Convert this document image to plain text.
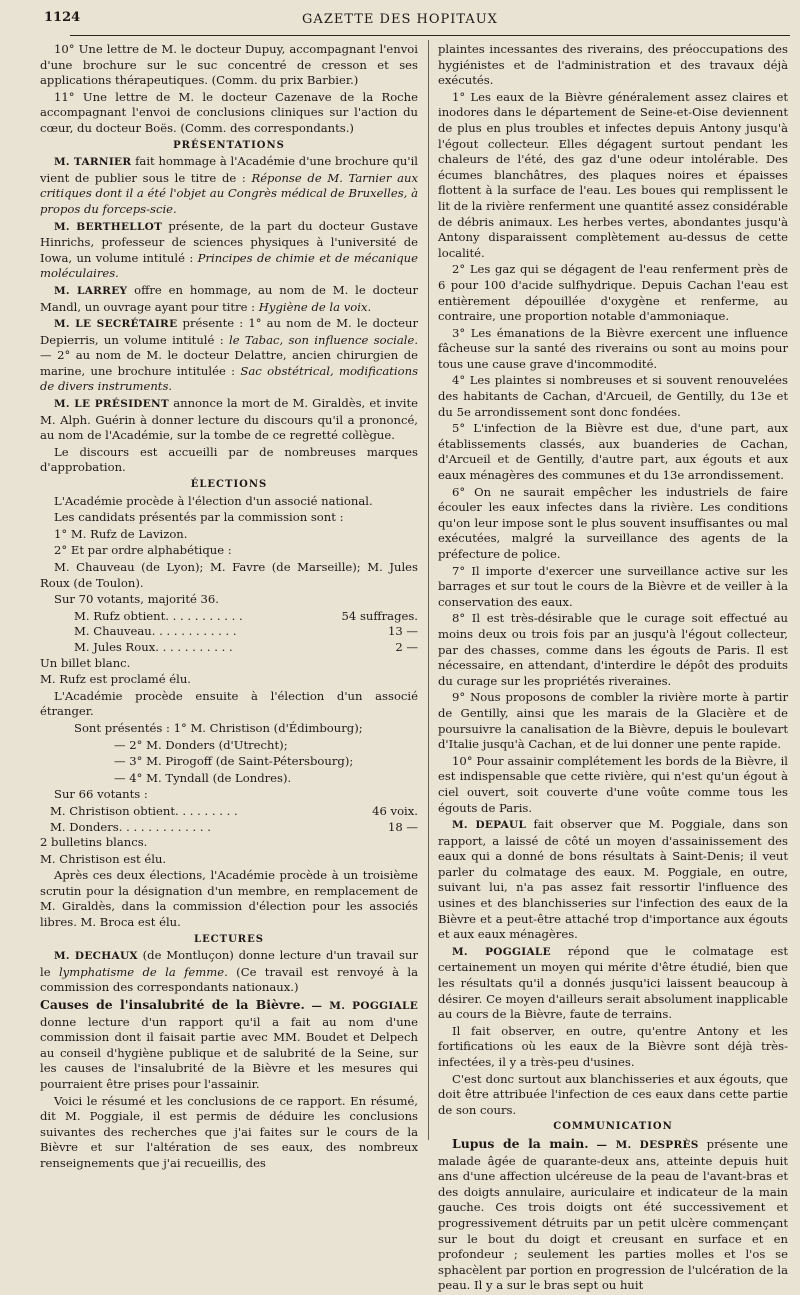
1124	GAZETTE DES HOPITAUX

10° Une lettre de M. le docteur Dupuy, accompagnant l'envoi d'une brochure sur le suc concentré de cresson et ses applications thérapeutiques. (Comm. du prix Barbier.)

11° Une lettre de M. le docteur Cazenave de la Roche accompagnant l'envoi de conclusions cliniques sur l'action du cœur, du docteur Boës. (Comm. des correspondants.)

PRÉSENTATIONS

M. TARNIER fait hommage à l'Académie d'une brochure qu'il vient de publier sous le titre de : Réponse de M. Tarnier aux critiques dont il a été l'objet au Congrès médical de Bruxelles, à propos du forceps-scie.

M. BERTHELLOT présente, de la part du docteur Gustave Hinrichs, professeur de sciences physiques à l'université de Iowa, un volume intitulé : Principes de chimie et de mécanique moléculaires.

M. LARREY offre en hommage, au nom de M. le docteur Mandl, un ouvrage ayant pour titre : Hygiène de la voix.

M. LE SECRÉTAIRE présente : 1° au nom de M. le docteur Depierris, un volume intitulé : le Tabac, son influence sociale. — 2° au nom de M. le docteur Delattre, ancien chirurgien de marine, une brochure intitulée : Sac obstétrical, modifications de divers instruments.

M. LE PRÉSIDENT annonce la mort de M. Giraldès, et invite M. Alph. Guérin à donner lecture du discours qu'il a prononcé, au nom de l'Académie, sur la tombe de ce regretté collègue.

Le discours est accueilli par de nombreuses marques d'approbation.

ÉLECTIONS

L'Académie procède à l'élection d'un associé national.

Les candidats présentés par la commission sont :

1° M. Rufz de Lavizon.

2° Et par ordre alphabétique :

M. Chauveau (de Lyon); M. Favre (de Marseille); M. Jules Roux (de Toulon).

Sur 70 votants, majorité 36.

M. Rufz obtient. . . . . . . . . . .	54 suffrages.
M. Chauveau. . . . . . . . . . . .	13 —
M. Jules Roux. . . . . . . . . . .	2 —

Un billet blanc.

M. Rufz est proclamé élu.

L'Académie procède ensuite à l'élection d'un associé étranger.

Sont présentés : 1° M. Christison (d'Édimbourg);

— 2° M. Donders (d'Utrecht);

— 3° M. Pirogoff (de Saint-Pétersbourg);

— 4° M. Tyndall (de Londres).

Sur 66 votants :

M. Christison obtient. . . . . . . . .	46 voix.
M. Donders. . . . . . . . . . . . .	18 —

2 bulletins blancs.

M. Christison est élu.

Après ces deux élections, l'Académie procède à un troisième scrutin pour la désignation d'un membre, en remplacement de M. Giraldès, dans la commission d'élection pour les associés libres. M. Broca est élu.

LECTURES

M. DECHAUX (de Montluçon) donne lecture d'un travail sur le lymphatisme de la femme. (Ce travail est renvoyé à la commission des correspondants nationaux.)

Causes de l'insalubrité de la Bièvre. — M. POGGIALE donne lecture d'un rapport qu'il a fait au nom d'une commission dont il faisait partie avec MM. Boudet et Delpech au conseil d'hygiène publique et de salubrité de la Seine, sur les causes de l'insalubrité de la Bièvre et les mesures qui pourraient être prises pour l'assainir.

Voici le résumé et les conclusions de ce rapport. En résumé, dit M. Poggiale, il est permis de déduire les conclusions suivantes des recherches que j'ai faites sur le cours de la Bièvre et sur l'altération de ses eaux, des nombreux renseignements que j'ai recueillis, des

plaintes incessantes des riverains, des préoccupations des hygiénistes et de l'administration et des travaux déjà exécutés.

1° Les eaux de la Bièvre généralement assez claires et inodores dans le département de Seine-et-Oise deviennent de plus en plus troubles et infectes depuis Antony jusqu'à l'égout collecteur. Elles dégagent surtout pendant les chaleurs de l'été, des gaz d'une odeur intolérable. Des écumes blanchâtres, des plaques noires et épaisses flottent à la surface de l'eau. Les boues qui remplissent le lit de la rivière renferment une quantité assez considérable de débris animaux. Les herbes vertes, abondantes jusqu'à Antony disparaissent complètement au-dessus de cette localité.

2° Les gaz qui se dégagent de l'eau renferment près de 6 pour 100 d'acide sulfhydrique. Depuis Cachan l'eau est entièrement dépouillée d'oxygène et renferme, au contraire, une proportion notable d'ammoniaque.

3° Les émanations de la Bièvre exercent une influence fâcheuse sur la santé des riverains ou sont au moins pour tous une cause grave d'incommodité.

4° Les plaintes si nombreuses et si souvent renouvelées des habitants de Cachan, d'Arcueil, de Gentilly, du 13e et du 5e arrondissement sont donc fondées.

5° L'infection de la Bièvre est due, d'une part, aux établissements classés, aux buanderies de Cachan, d'Arcueil et de Gentilly, d'autre part, aux égouts et aux eaux ménagères des communes et du 13e arrondissement.

6° On ne saurait empêcher les industriels de faire écouler les eaux infectes dans la rivière. Les conditions qu'on leur impose sont le plus souvent insuffisantes ou mal exécutées, malgré la surveillance des agents de la préfecture de police.

7° Il importe d'exercer une surveillance active sur les barrages et sur tout le cours de la Bièvre et de veiller à la conservation des eaux.

8° Il est très-désirable que le curage soit effectué au moins deux ou trois fois par an jusqu'à l'égout collecteur, par des chasses, comme dans les égouts de Paris. Il est nécessaire, en attendant, d'interdire le dépôt des produits du curage sur les propriétés riveraines.

9° Nous proposons de combler la rivière morte à partir de Gentilly, ainsi que les marais de la Glacière et de poursuivre la canalisation de la Bièvre, depuis le boulevart d'Italie jusqu'à Cachan, et de lui donner une pente rapide.

10° Pour assainir complétement les bords de la Bièvre, il est indispensable que cette rivière, qui n'est qu'un égout à ciel ouvert, soit couverte d'une voûte comme tous les égouts de Paris.

M. DEPAUL fait observer que M. Poggiale, dans son rapport, a laissé de côté un moyen d'assainissement des eaux qui a donné de bons résultats à Saint-Denis; il veut parler du colmatage des eaux. M. Poggiale, en outre, suivant lui, n'a pas assez fait ressortir l'influence des usines et des blanchisseries sur l'infection des eaux de la Bièvre et a peut-être attaché trop d'importance aux égouts et aux eaux ménagères.

M. POGGIALE répond que le colmatage est certainement un moyen qui mérite d'être étudié, bien que les résultats qu'il a donnés jusqu'ici laissent beaucoup à désirer. Ce moyen d'ailleurs serait absolument inapplicable au cours de la Bièvre, faute de terrains.

Il fait observer, en outre, qu'entre Antony et les fortifications où les eaux de la Bièvre sont déjà très-infectées, il y a très-peu d'usines.

C'est donc surtout aux blanchisseries et aux égouts, que doit être attribuée l'infection de ces eaux dans cette partie de son cours.

COMMUNICATION

Lupus de la main. — M. DESPRÈS présente une malade âgée de quarante-deux ans, atteinte depuis huit ans d'une affection ulcéreuse de la peau de l'avant-bras et des doigts annulaire, auriculaire et indicateur de la main gauche. Ces trois doigts ont été successivement et progressivement détruits par un petit ulcère commençant sur le bout du doigt et creusant en surface et en profondeur ; seulement les parties molles et l'os se sphacèlent par portion en progression de l'ulcération de la peau. Il y a sur le bras sept ou huit
